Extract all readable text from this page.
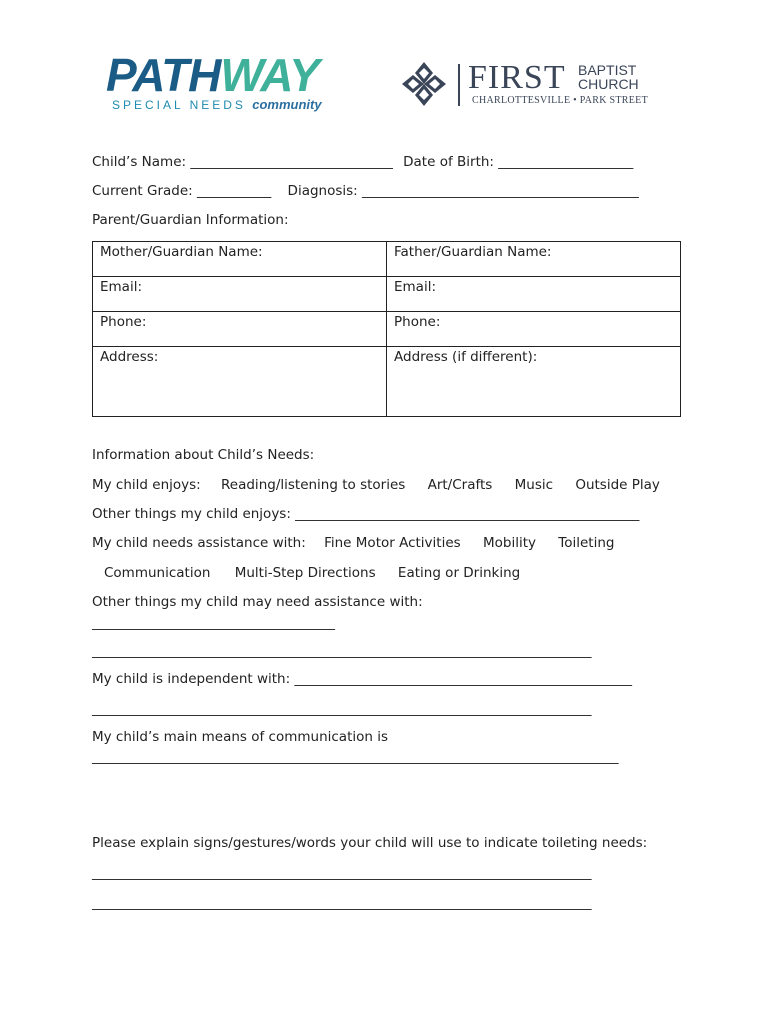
PATHWAY
SPECIAL NEEDS community
FIRST BAPTIST
CHURCH
CHARLOTTESVILLE • PARK STREET
Child’s Name: ______________________________ Date of Birth: ____________________
Current Grade: ___________ Diagnosis: _________________________________________
Parent/Guardian Information:
Mother/Guardian Name:	Father/Guardian Name:
Email:	Email:
Phone:	Phone:
Address:	Address (if different):
Information about Child’s Needs:
My child enjoys: Reading/listening to stories Art/Crafts Music Outside Play
Other things my child enjoys: ___________________________________________________
My child needs assistance with: Fine Motor Activities Mobility Toileting
Communication Multi-Step Directions Eating or Drinking
Other things my child may need assistance with:
____________________________________
__________________________________________________________________________
My child is independent with: __________________________________________________
__________________________________________________________________________
My child’s main means of communication is
______________________________________________________________________________
Please explain signs/gestures/words your child will use to indicate toileting needs:
__________________________________________________________________________
__________________________________________________________________________
